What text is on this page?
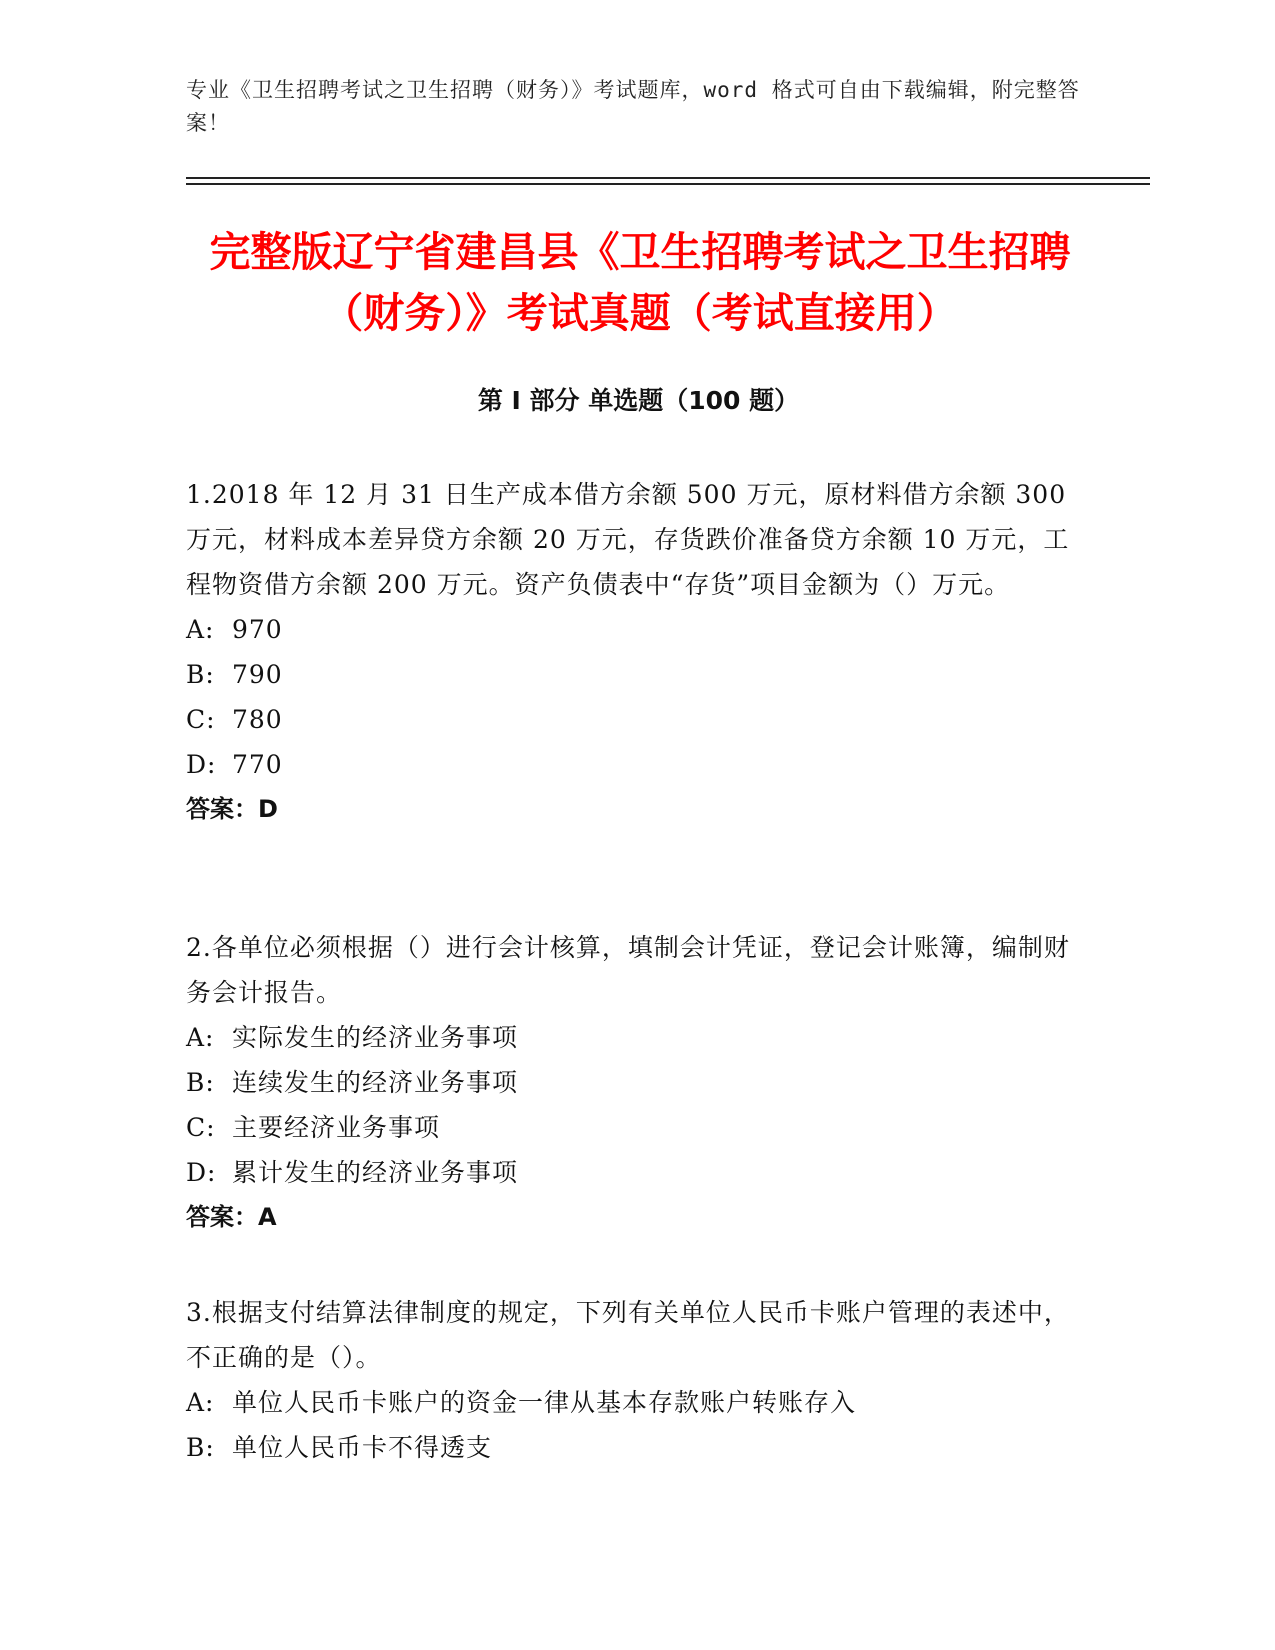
专业《卫生招聘考试之卫生招聘（财务）》考试题库，word 格式可自由下载编辑，附完整答案！
完整版辽宁省建昌县《卫生招聘考试之卫生招聘（财务）》考试真题（考试直接用）
第 I 部分 单选题（100 题）
1.2018 年 12 月 31 日生产成本借方余额 500 万元，原材料借方余额 300 万元，材料成本差异贷方余额 20 万元，存货跌价准备贷方余额 10 万元，工程物资借方余额 200 万元。资产负债表中“存货”项目金额为（）万元。
A: 970
B: 790
C: 780
D: 770
答案：D
2.各单位必须根据（）进行会计核算，填制会计凭证，登记会计账簿，编制财务会计报告。
A: 实际发生的经济业务事项
B: 连续发生的经济业务事项
C: 主要经济业务事项
D: 累计发生的经济业务事项
答案：A
3.根据支付结算法律制度的规定，下列有关单位人民币卡账户管理的表述中，不正确的是（）。
A: 单位人民币卡账户的资金一律从基本存款账户转账存入
B: 单位人民币卡不得透支
